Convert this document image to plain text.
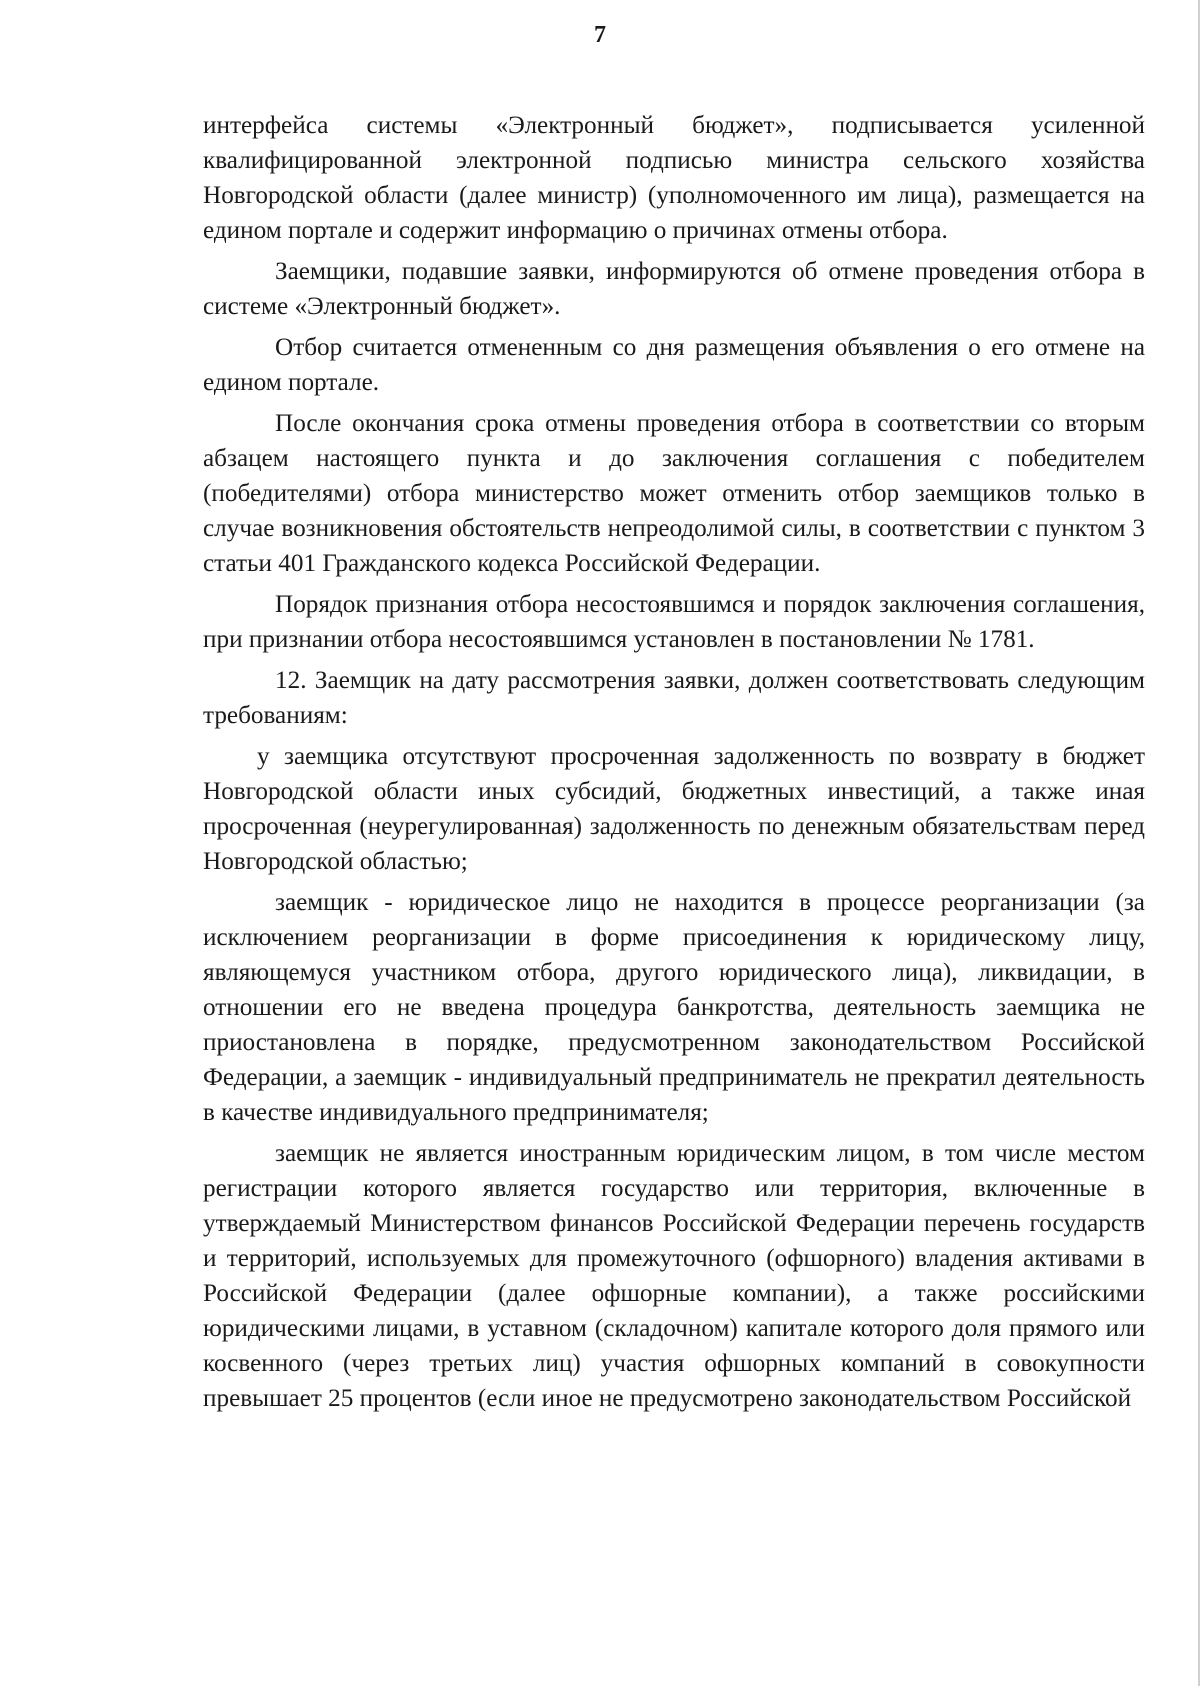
7

интерфейса системы «Электронный бюджет», подписывается усиленной квалифицированной электронной подписью министра сельского хозяйства Новгородской области (далее министр) (уполномоченного им лица), размещается на едином портале и содержит информацию о причинах отмены отбора.

Заемщики, подавшие заявки, информируются об отмене проведения отбора в системе «Электронный бюджет».

Отбор считается отмененным со дня размещения объявления о его отмене на едином портале.

После окончания срока отмены проведения отбора в соответствии со вторым абзацем настоящего пункта и до заключения соглашения с победителем (победителями) отбора министерство может отменить отбор заемщиков только в случае возникновения обстоятельств непреодолимой силы, в соответствии с пунктом 3 статьи 401 Гражданского кодекса Российской Федерации.

Порядок признания отбора несостоявшимся и порядок заключения соглашения, при признании отбора несостоявшимся установлен в постановлении № 1781.

12. Заемщик на дату рассмотрения заявки, должен соответствовать следующим требованиям:

у заемщика отсутствуют просроченная задолженность по возврату в бюджет Новгородской области иных субсидий, бюджетных инвестиций, а также иная просроченная (неурегулированная) задолженность по денежным обязательствам перед Новгородской областью;

заемщик - юридическое лицо не находится в процессе реорганизации (за исключением реорганизации в форме присоединения к юридическому лицу, являющемуся участником отбора, другого юридического лица), ликвидации, в отношении его не введена процедура банкротства, деятельность заемщика не приостановлена в порядке, предусмотренном законодательством Российской Федерации, а заемщик - индивидуальный предприниматель не прекратил деятельность в качестве индивидуального предпринимателя;

заемщик не является иностранным юридическим лицом, в том числе местом регистрации которого является государство или территория, включенные в утверждаемый Министерством финансов Российской Федерации перечень государств и территорий, используемых для промежуточного (офшорного) владения активами в Российской Федерации (далее офшорные компании), а также российскими юридическими лицами, в уставном (складочном) капитале которого доля прямого или косвенного (через третьих лиц) участия офшорных компаний в совокупности превышает 25 процентов (если иное не предусмотрено законодательством Российской
